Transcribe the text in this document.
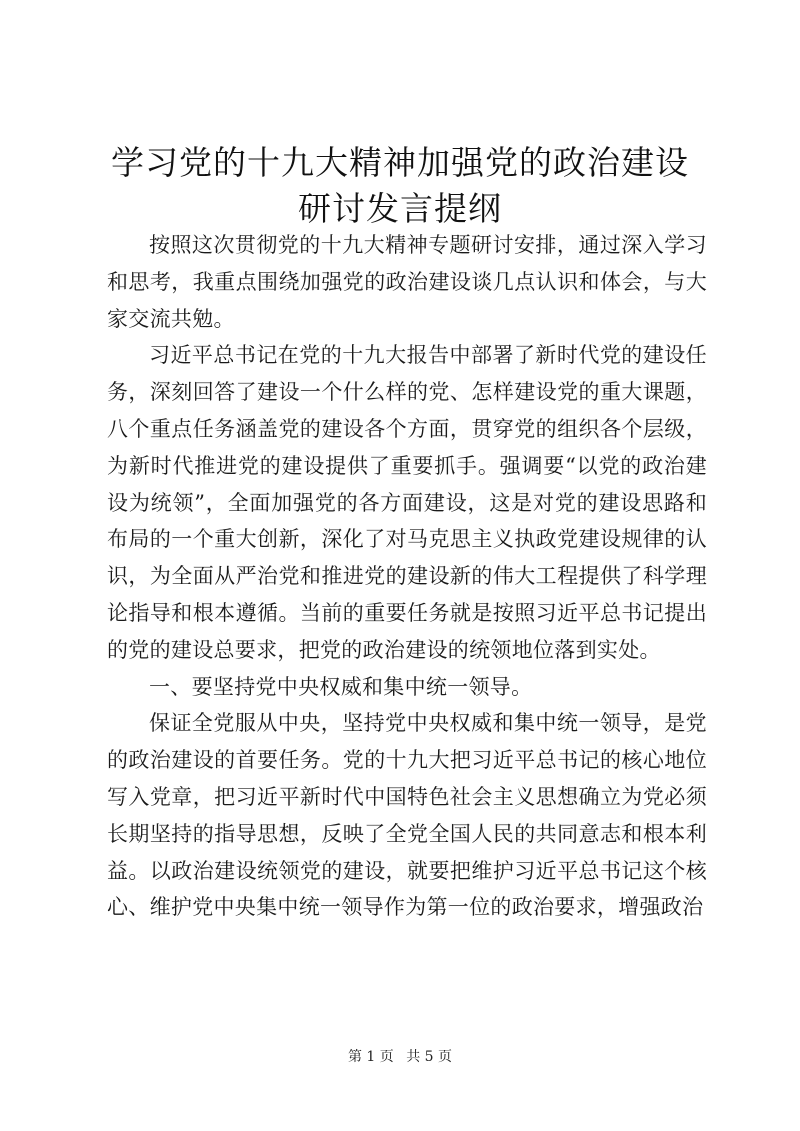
学习党的十九大精神加强党的政治建设研讨发言提纲

按照这次贯彻党的十九大精神专题研讨安排，通过深入学习和思考，我重点围绕加强党的政治建设谈几点认识和体会，与大家交流共勉。

习近平总书记在党的十九大报告中部署了新时代党的建设任务，深刻回答了建设一个什么样的党、怎样建设党的重大课题，八个重点任务涵盖党的建设各个方面，贯穿党的组织各个层级，为新时代推进党的建设提供了重要抓手。强调要“以党的政治建设为统领”，全面加强党的各方面建设，这是对党的建设思路和布局的一个重大创新，深化了对马克思主义执政党建设规律的认识，为全面从严治党和推进党的建设新的伟大工程提供了科学理论指导和根本遵循。当前的重要任务就是按照习近平总书记提出的党的建设总要求，把党的政治建设的统领地位落到实处。

一、要坚持党中央权威和集中统一领导。

保证全党服从中央，坚持党中央权威和集中统一领导，是党的政治建设的首要任务。党的十九大把习近平总书记的核心地位写入党章，把习近平新时代中国特色社会主义思想确立为党必须长期坚持的指导思想，反映了全党全国人民的共同意志和根本利益。以政治建设统领党的建设，就要把维护习近平总书记这个核心、维护党中央集中统一领导作为第一位的政治要求，增强政治

第 1 页 共 5 页
